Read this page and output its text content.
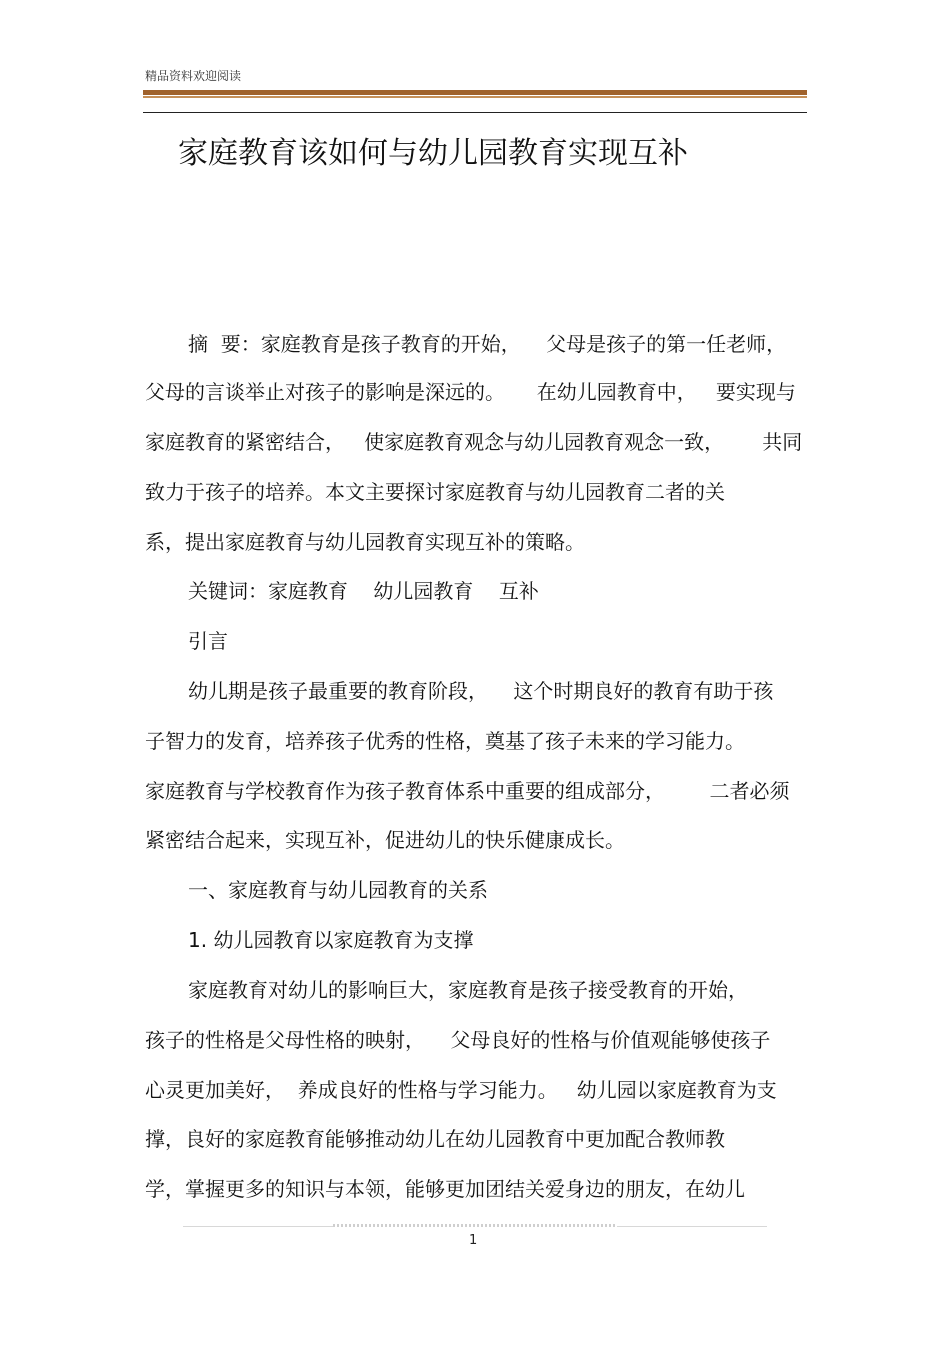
精品资料欢迎阅读
家庭教育该如何与幼儿园教育实现互补
摘  要：家庭教育是孩子教育的开始，    父母是孩子的第一任老师，
父母的言谈举止对孩子的影响是深远的。     在幼儿园教育中，   要实现与
家庭教育的紧密结合，   使家庭教育观念与幼儿园教育观念一致，      共同
致力于孩子的培养。本文主要探讨家庭教育与幼儿园教育二者的关
系，提出家庭教育与幼儿园教育实现互补的策略。
关键词：家庭教育    幼儿园教育    互补
引言
幼儿期是孩子最重要的教育阶段，    这个时期良好的教育有助于孩
子智力的发育，培养孩子优秀的性格，奠基了孩子未来的学习能力。
家庭教育与学校教育作为孩子教育体系中重要的组成部分，       二者必须
紧密结合起来，实现互补，促进幼儿的快乐健康成长。
一、家庭教育与幼儿园教育的关系
1. 幼儿园教育以家庭教育为支撑
家庭教育对幼儿的影响巨大，家庭教育是孩子接受教育的开始，
孩子的性格是父母性格的映射，    父母良好的性格与价值观能够使孩子
心灵更加美好，  养成良好的性格与学习能力。   幼儿园以家庭教育为支
撑，良好的家庭教育能够推动幼儿在幼儿园教育中更加配合教师教
学，掌握更多的知识与本领，能够更加团结关爱身边的朋友，在幼儿
1
